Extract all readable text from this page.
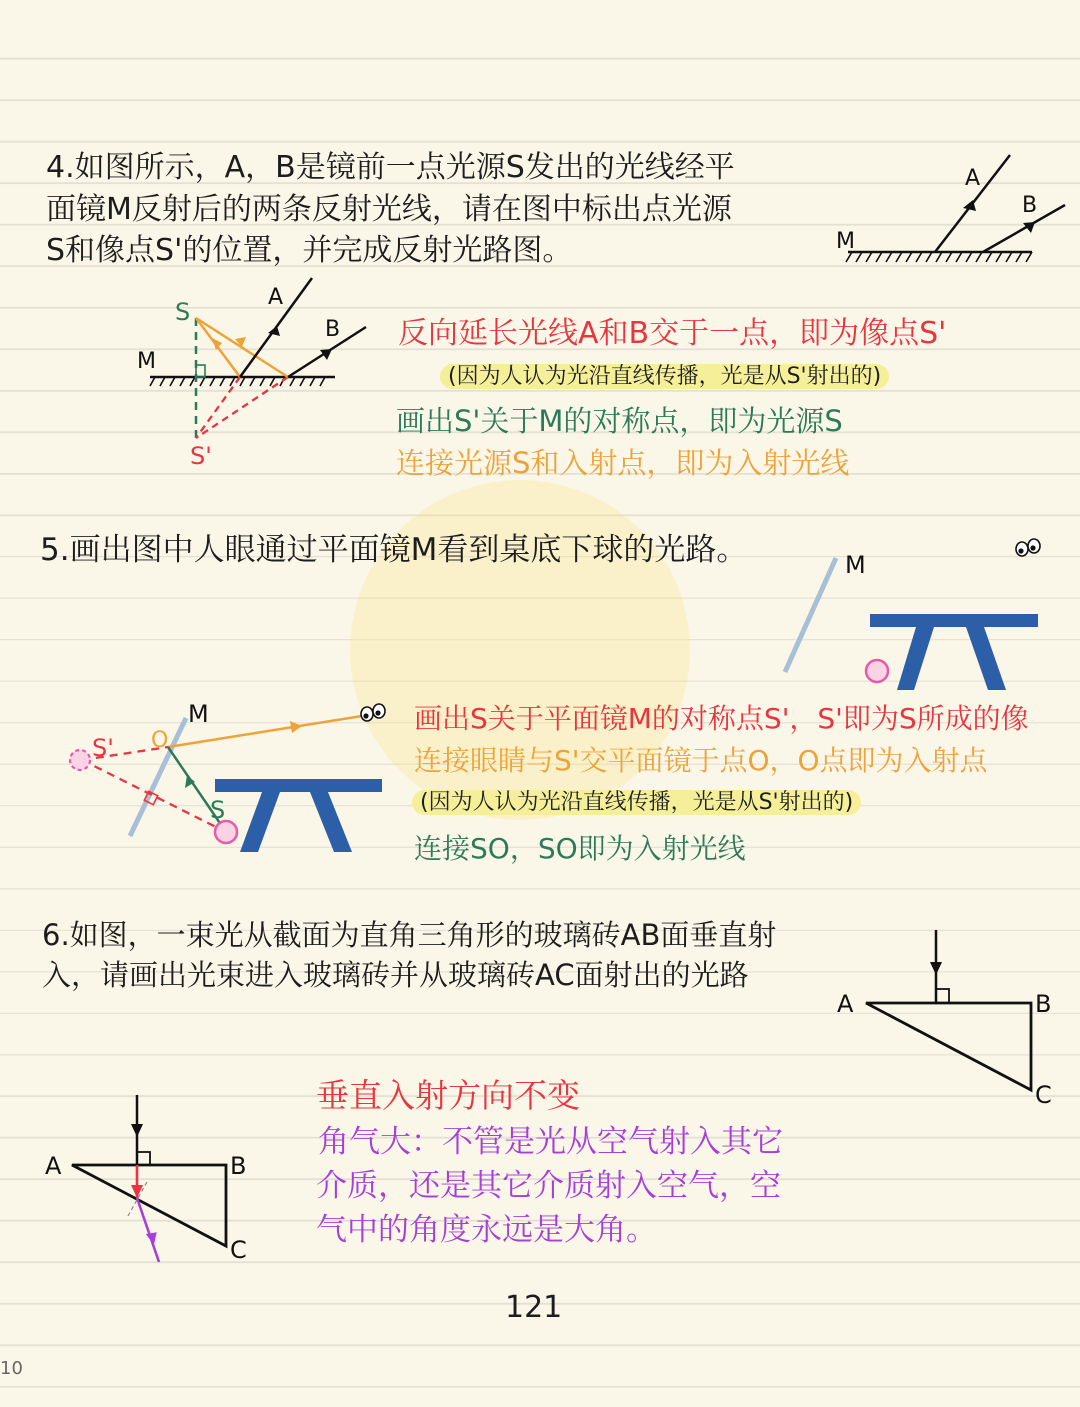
4.如图所示，A，B是镜前一点光源S发出的光线经平
面镜M反射后的两条反射光线，请在图中标出点光源
S和像点S'的位置，并完成反射光路图。
A
B
M
A
B
M
S
S'
M
M
O
S
S'
A	B
C
A	B
C
反向延长光线A和B交于一点，即为像点S'
(因为人认为光沿直线传播，光是从S'射出的)
画出S'关于M的对称点，即为光源S
连接光源S和入射点，即为入射光线
5.画出图中人眼通过平面镜M看到桌底下球的光路。
画出S关于平面镜M的对称点S'，S'即为S所成的像
连接眼睛与S'交平面镜于点O，O点即为入射点
(因为人认为光沿直线传播，光是从S'射出的)
连接SO，SO即为入射光线
6.如图，一束光从截面为直角三角形的玻璃砖AB面垂直射
入，请画出光束进入玻璃砖并从玻璃砖AC面射出的光路
垂直入射方向不变
角气大：不管是光从空气射入其它
介质，还是其它介质射入空气，空
气中的角度永远是大角。
121
10
